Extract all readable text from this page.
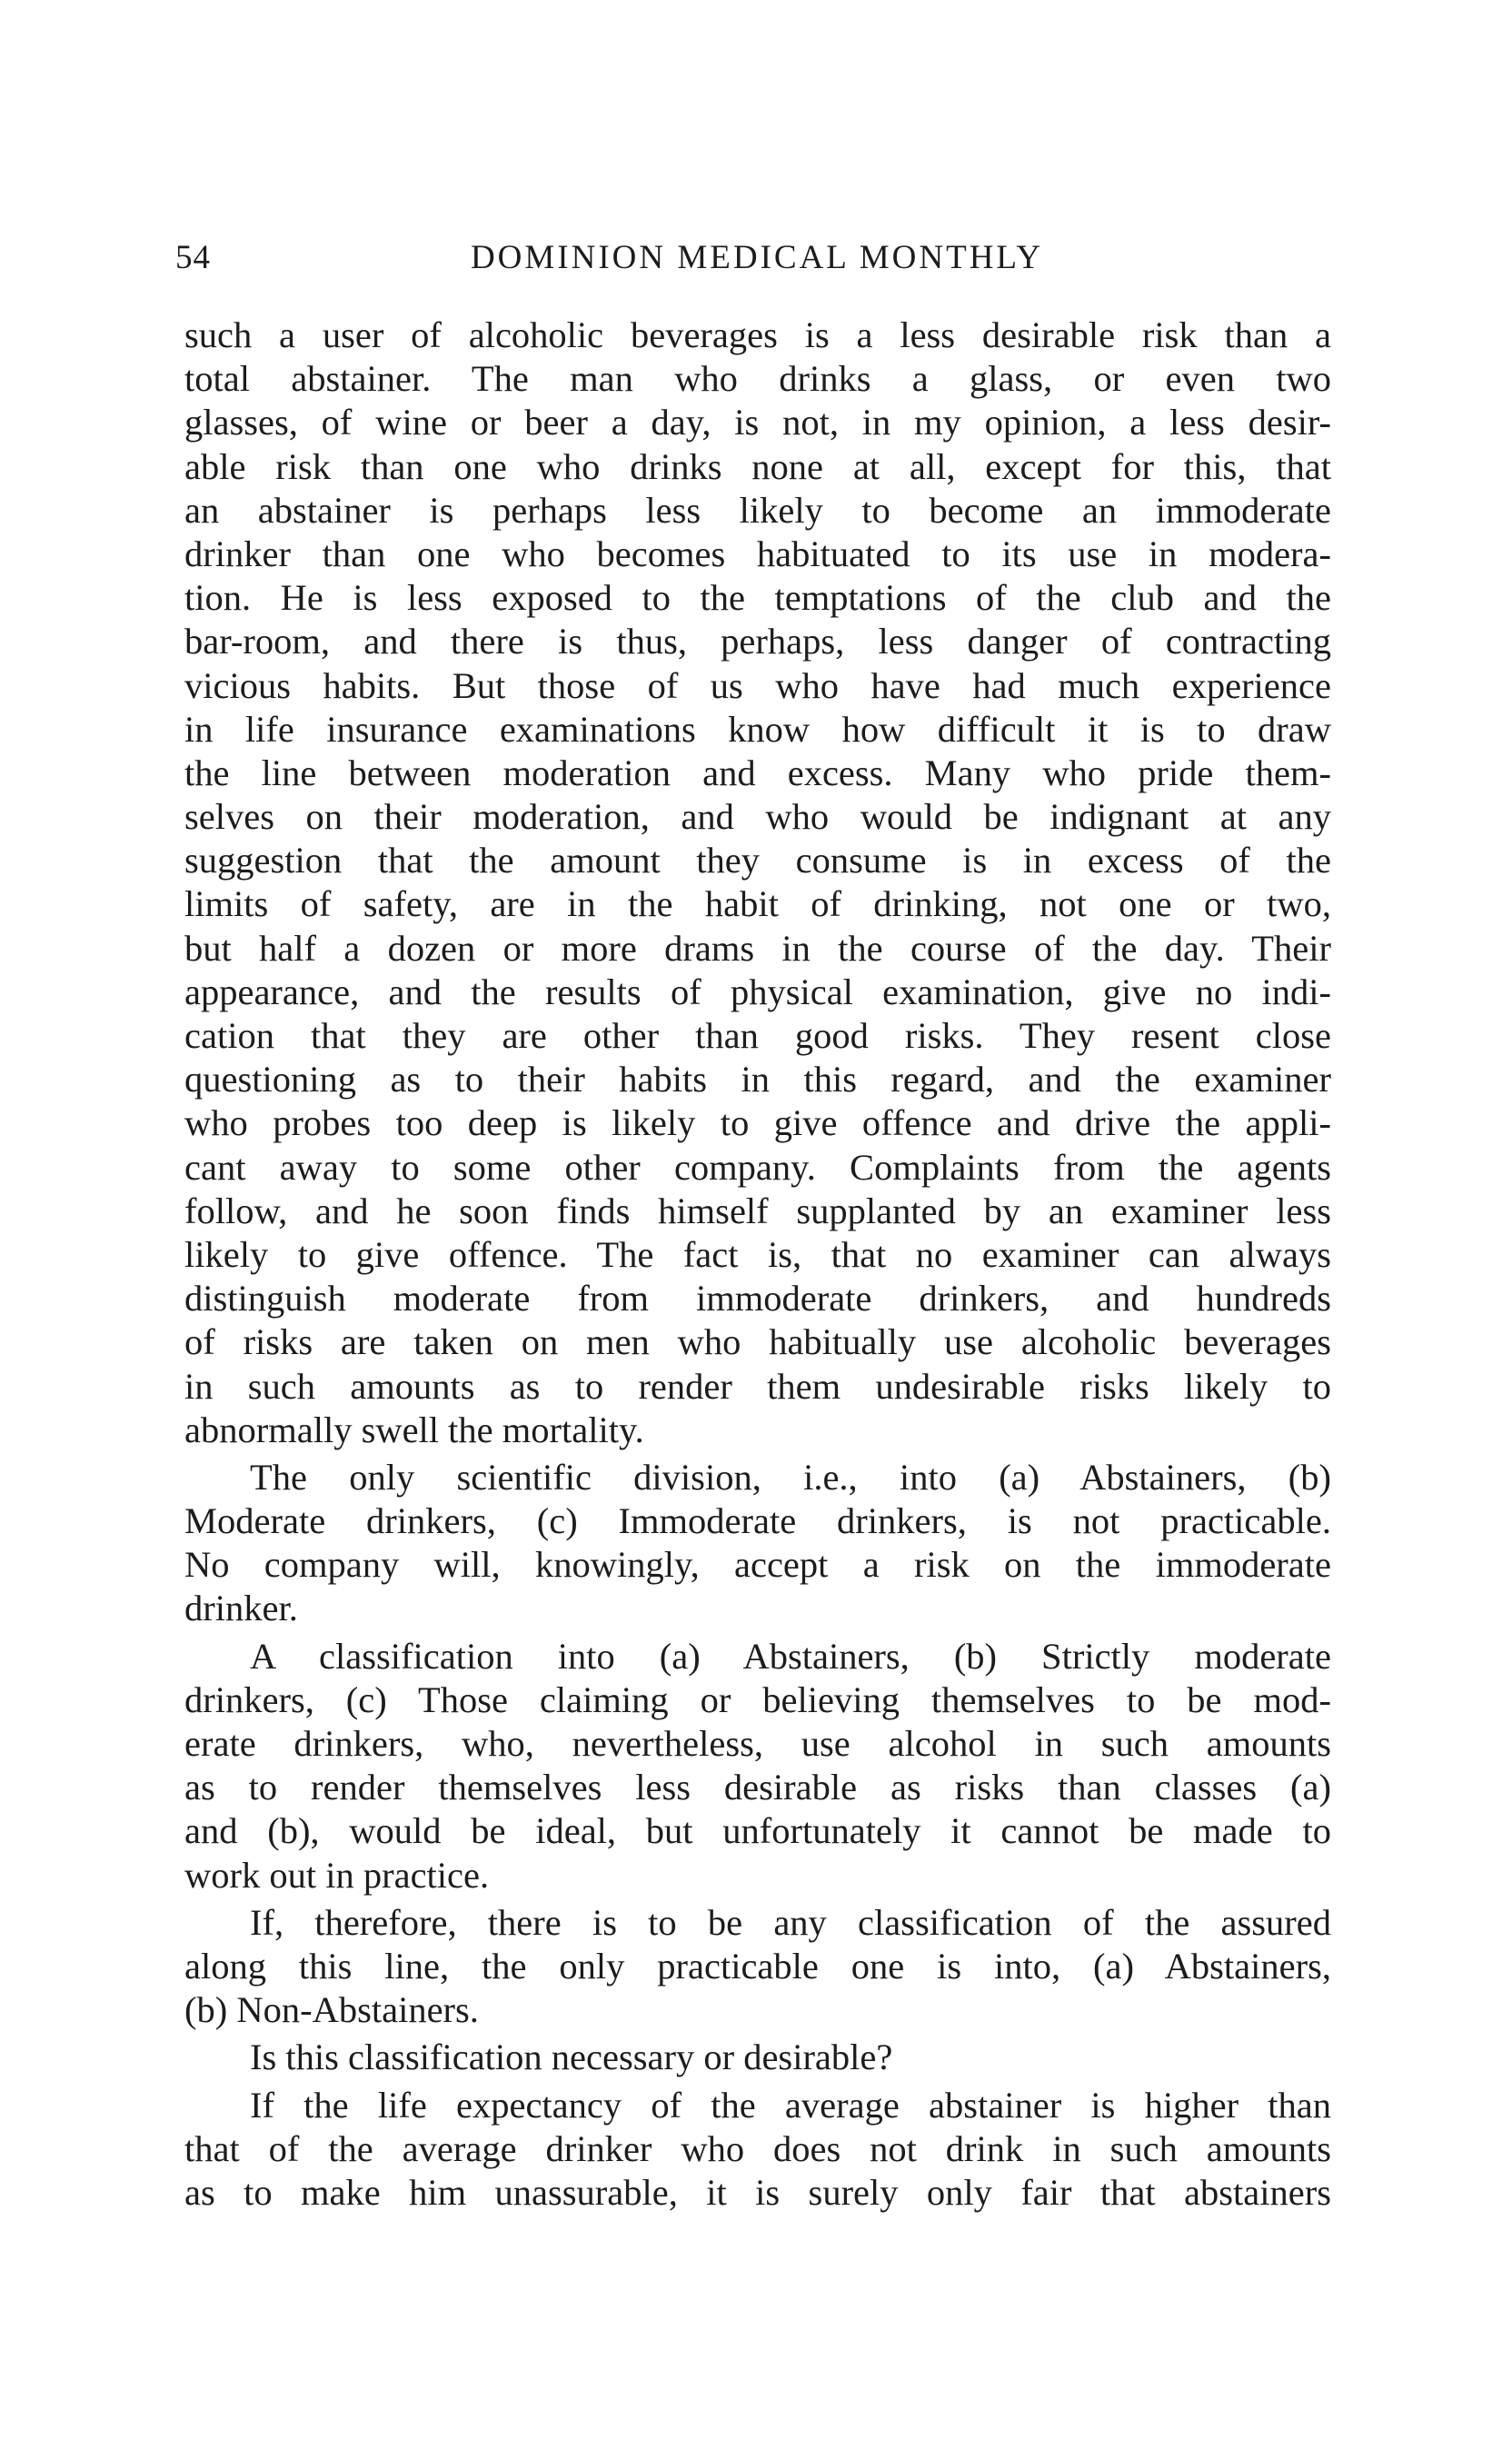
54	DOMINION MEDICAL MONTHLY
such a user of alcoholic beverages is a less desirable risk than a
total abstainer. The man who drinks a glass, or even two
glasses, of wine or beer a day, is not, in my opinion, a less desir-
able risk than one who drinks none at all, except for this, that
an abstainer is perhaps less likely to become an immoderate
drinker than one who becomes habituated to its use in modera-
tion. He is less exposed to the temptations of the club and the
bar-room, and there is thus, perhaps, less danger of contracting
vicious habits. But those of us who have had much experience
in life insurance examinations know how difficult it is to draw
the line between moderation and excess. Many who pride them-
selves on their moderation, and who would be indignant at any
suggestion that the amount they consume is in excess of the
limits of safety, are in the habit of drinking, not one or two,
but half a dozen or more drams in the course of the day. Their
appearance, and the results of physical examination, give no indi-
cation that they are other than good risks. They resent close
questioning as to their habits in this regard, and the examiner
who probes too deep is likely to give offence and drive the appli-
cant away to some other company. Complaints from the agents
follow, and he soon finds himself supplanted by an examiner less
likely to give offence. The fact is, that no examiner can always
distinguish moderate from immoderate drinkers, and hundreds
of risks are taken on men who habitually use alcoholic beverages
in such amounts as to render them undesirable risks likely to
abnormally swell the mortality.
The only scientific division, i.e., into (a) Abstainers, (b)
Moderate drinkers, (c) Immoderate drinkers, is not practicable.
No company will, knowingly, accept a risk on the immoderate
drinker.
A classification into (a) Abstainers, (b) Strictly moderate
drinkers, (c) Those claiming or believing themselves to be mod-
erate drinkers, who, nevertheless, use alcohol in such amounts
as to render themselves less desirable as risks than classes (a)
and (b), would be ideal, but unfortunately it cannot be made to
work out in practice.
If, therefore, there is to be any classification of the assured
along this line, the only practicable one is into, (a) Abstainers,
(b) Non-Abstainers.
Is this classification necessary or desirable?
If the life expectancy of the average abstainer is higher than
that of the average drinker who does not drink in such amounts
as to make him unassurable, it is surely only fair that abstainers
